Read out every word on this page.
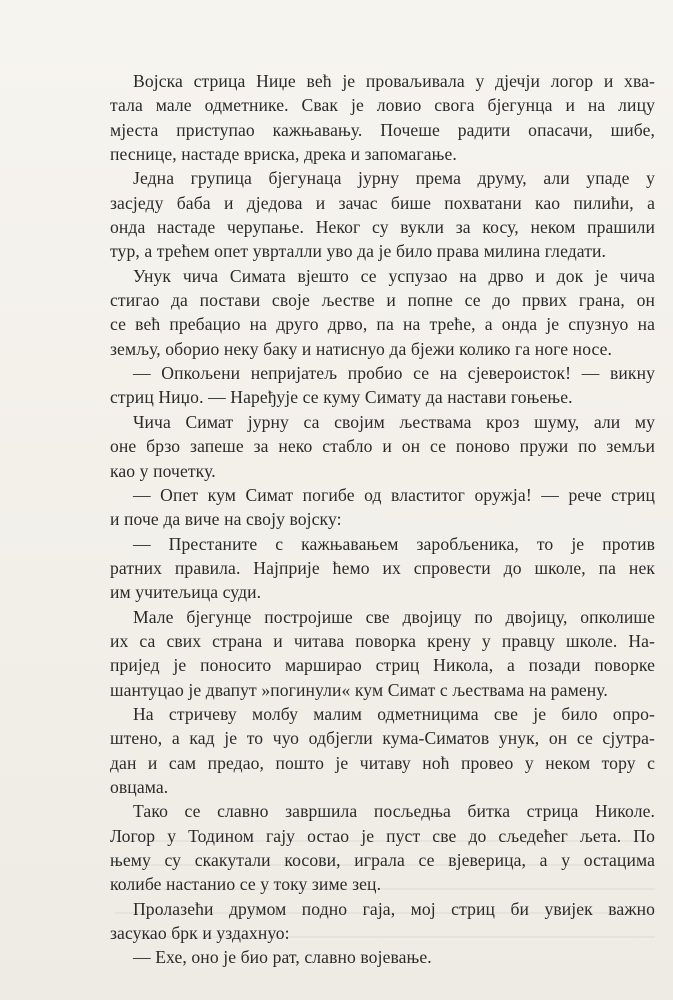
Војска стрица Ниџе већ је проваљивала у дјечји логор и хва-
тала мале одметнике. Свак је ловио свога бјегунца и на лицу
мјеста приступао кажњавању. Почеше радити опасачи, шибе,
песнице, настаде вриска, дрека и запомагање.
Једна групица бјегунаца јурну према друму, али упаде у
засједу баба и дједова и зачас бише похватани као пилићи, а
онда настаде черупање. Неког су вукли за косу, неком прашили
тур, а трећем опет уврталли уво да је било права милина гледати.
Унук чича Симата вјешто се успузао на дрво и док је чича
стигао да постави своје љестве и попне се до првих грана, он
се већ пребацио на друго дрво, па на треће, а онда је спузнуо на
земљу, оборио неку баку и натиснуо да бјежи колико га ноге носе.
— Опкољени непријатељ пробио се на сјевероисток! — викну
стриц Ниџо. — Наређује се куму Симату да настави гоњење.
Чича Симат јурну са својим љествама кроз шуму, али му
оне брзо запеше за неко стабло и он се поново пружи по земљи
као у почетку.
— Опет кум Симат погибе од властитог оружја! — рече стриц
и поче да виче на своју војску:
— Престаните с кажњавањем заробљеника, то је против
ратних правила. Најприје ћемо их спровести до школе, па нек
им учитељица суди.
Мале бјегунце постројише све двојицу по двојицу, опколише
их са свих страна и читава поворка крену у правцу школе. На-
пријед је поносито марширао стриц Никола, а позади поворке
шантуцао је двапут »погинули« кум Симат с љествама на рамену.
На стричеву молбу малим одметницима све је било опро-
штено, а кад је то чуо одбјегли кума-Симатов унук, он се сјутра-
дан и сам предао, пошто је читаву ноћ провео у неком тору с
овцама.
Тако се славно завршила посљедња битка стрица Николе.
Логор у Тодином гају остао је пуст све до сљедећег љета. По
њему су скакутали косови, играла се вјеверица, а у остацима
колибе настанио се у току зиме зец.
Пролазећи друмом подно гаја, мој стриц би увијек важно
засукао брк и уздахнуо:
— Ехе, оно је био рат, славно војевање.
